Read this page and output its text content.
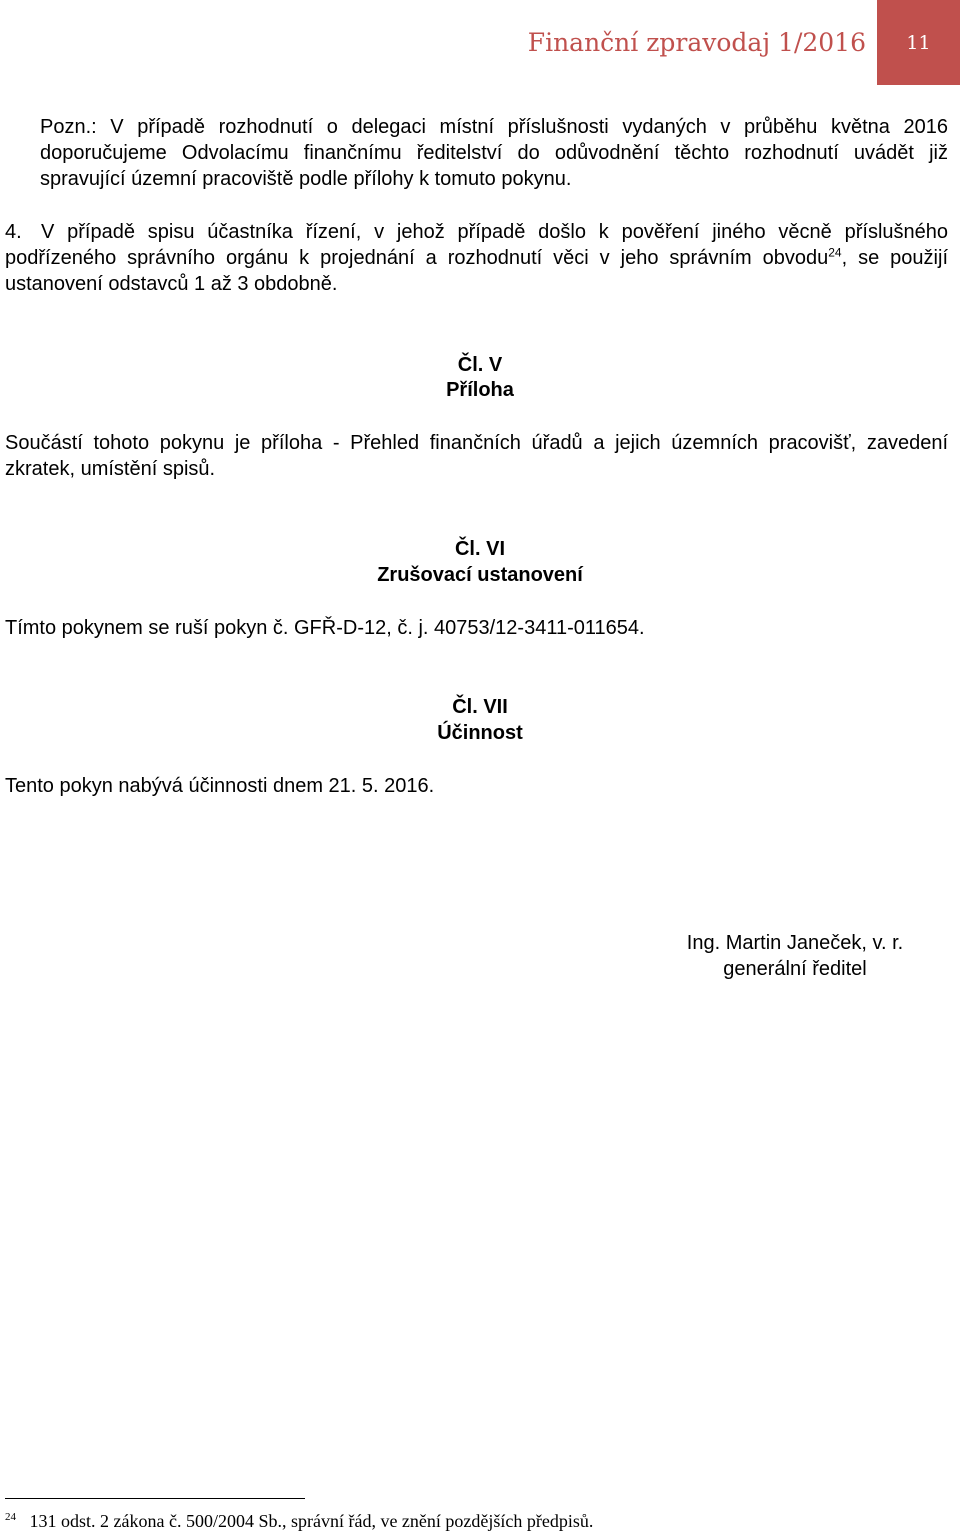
Finanční zpravodaj 1/2016 11
Pozn.: V případě rozhodnutí o delegaci místní příslušnosti vydaných v průběhu května 2016 doporučujeme Odvolacímu finančnímu ředitelství do odůvodnění těchto rozhodnutí uvádět již spravující územní pracoviště podle přílohy k tomuto pokynu.
4. V případě spisu účastníka řízení, v jehož případě došlo k pověření jiného věcně příslušného podřízeného správního orgánu k projednání a rozhodnutí věci v jeho správním obvodu$^{24}$, se použijí ustanovení odstavců 1 až 3 obdobně.
Čl. V
Příloha
Součástí tohoto pokynu je příloha - Přehled finančních úřadů a jejich územních pracovišť, zavedení zkratek, umístění spisů.
Čl. VI
Zrušovací ustanovení
Tímto pokynem se ruší pokyn č. GFŘ-D-12, č. j. 40753/12-3411-011654.
Čl. VII
Účinnost
Tento pokyn nabývá účinnosti dnem 21. 5. 2016.
Ing. Martin Janeček, v. r.
generální ředitel
$^{24}$ 131 odst. 2 zákona č. 500/2004 Sb., správní řád, ve znění pozdějších předpisů.
